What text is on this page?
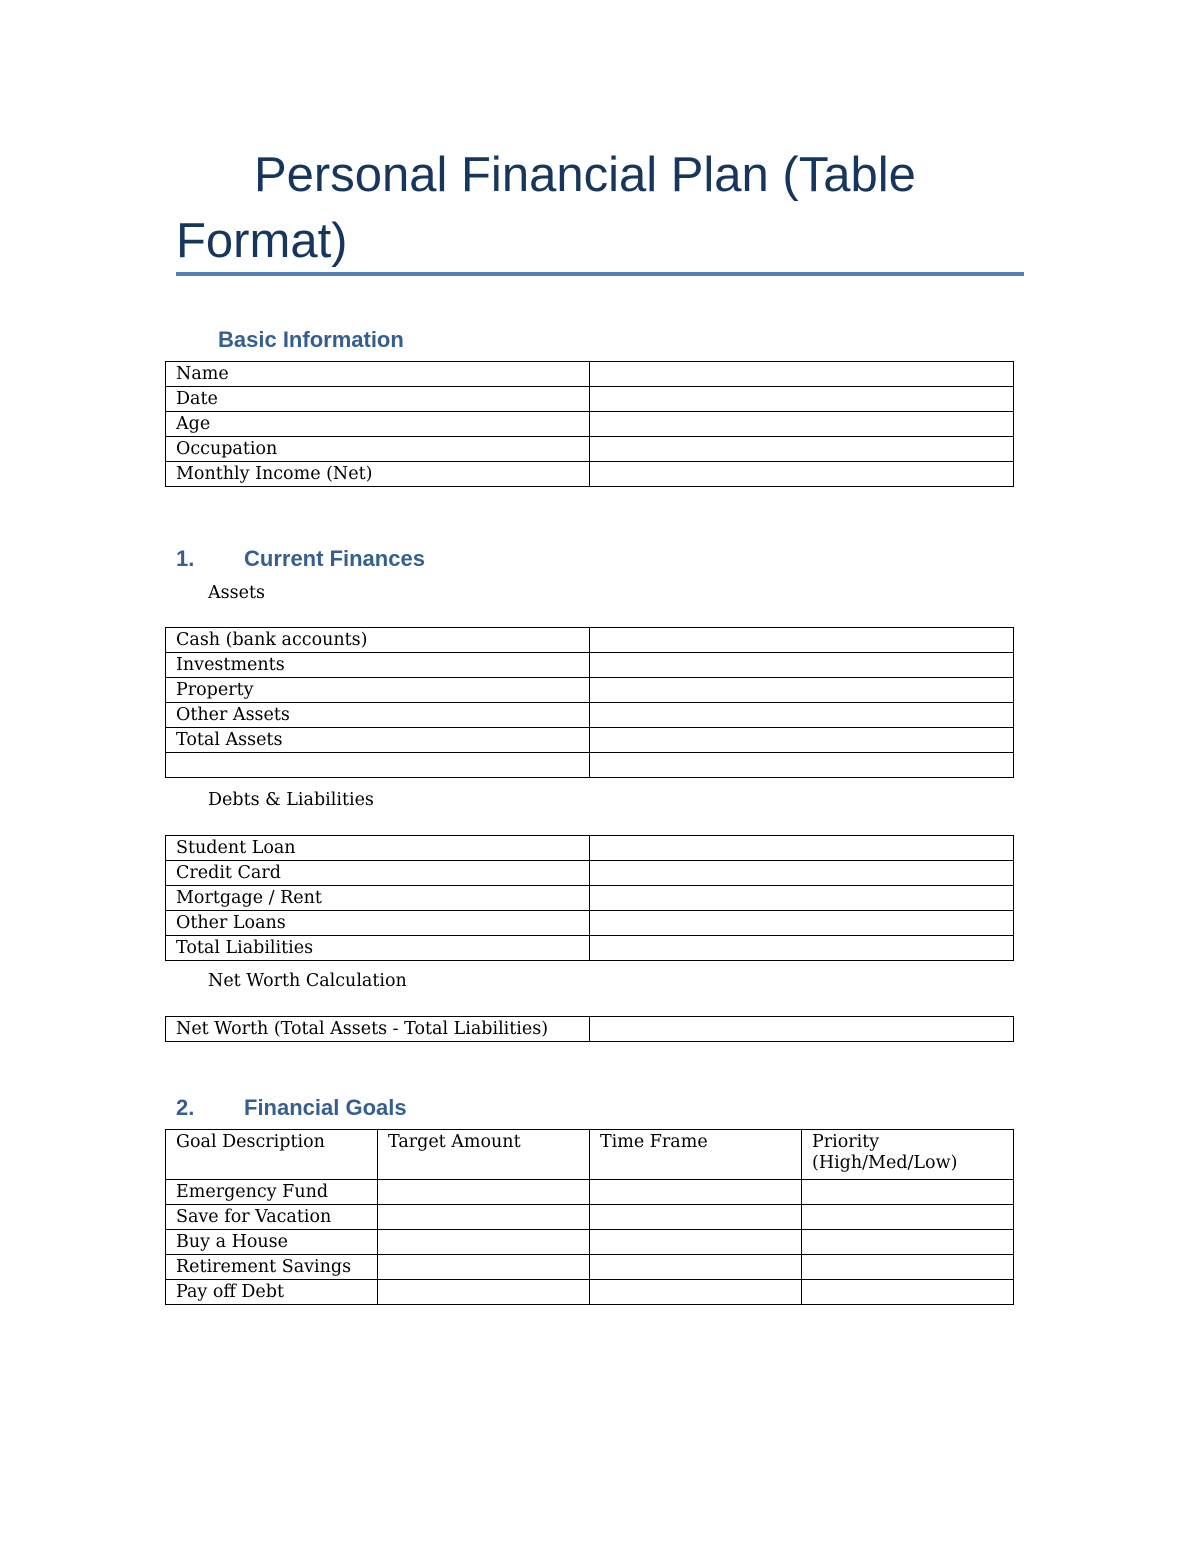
Personal Financial Plan (Table
Format)
Basic Information
Name	
Date	
Age	
Occupation	
Monthly Income (Net)	
1. Current Finances

Assets

Cash (bank accounts)	
Investments	
Property	
Other Assets	
Total Assets	

Debts & Liabilities

Student Loan	
Credit Card	
Mortgage / Rent	
Other Loans	
Total Liabilities	

Net Worth Calculation

Net Worth (Total Assets - Total Liabilities)	
2. Financial Goals
Goal Description	Target Amount	Time Frame	Priority (High/Med/Low)
Emergency Fund			
Save for Vacation			
Buy a House			
Retirement Savings			
Pay off Debt			
